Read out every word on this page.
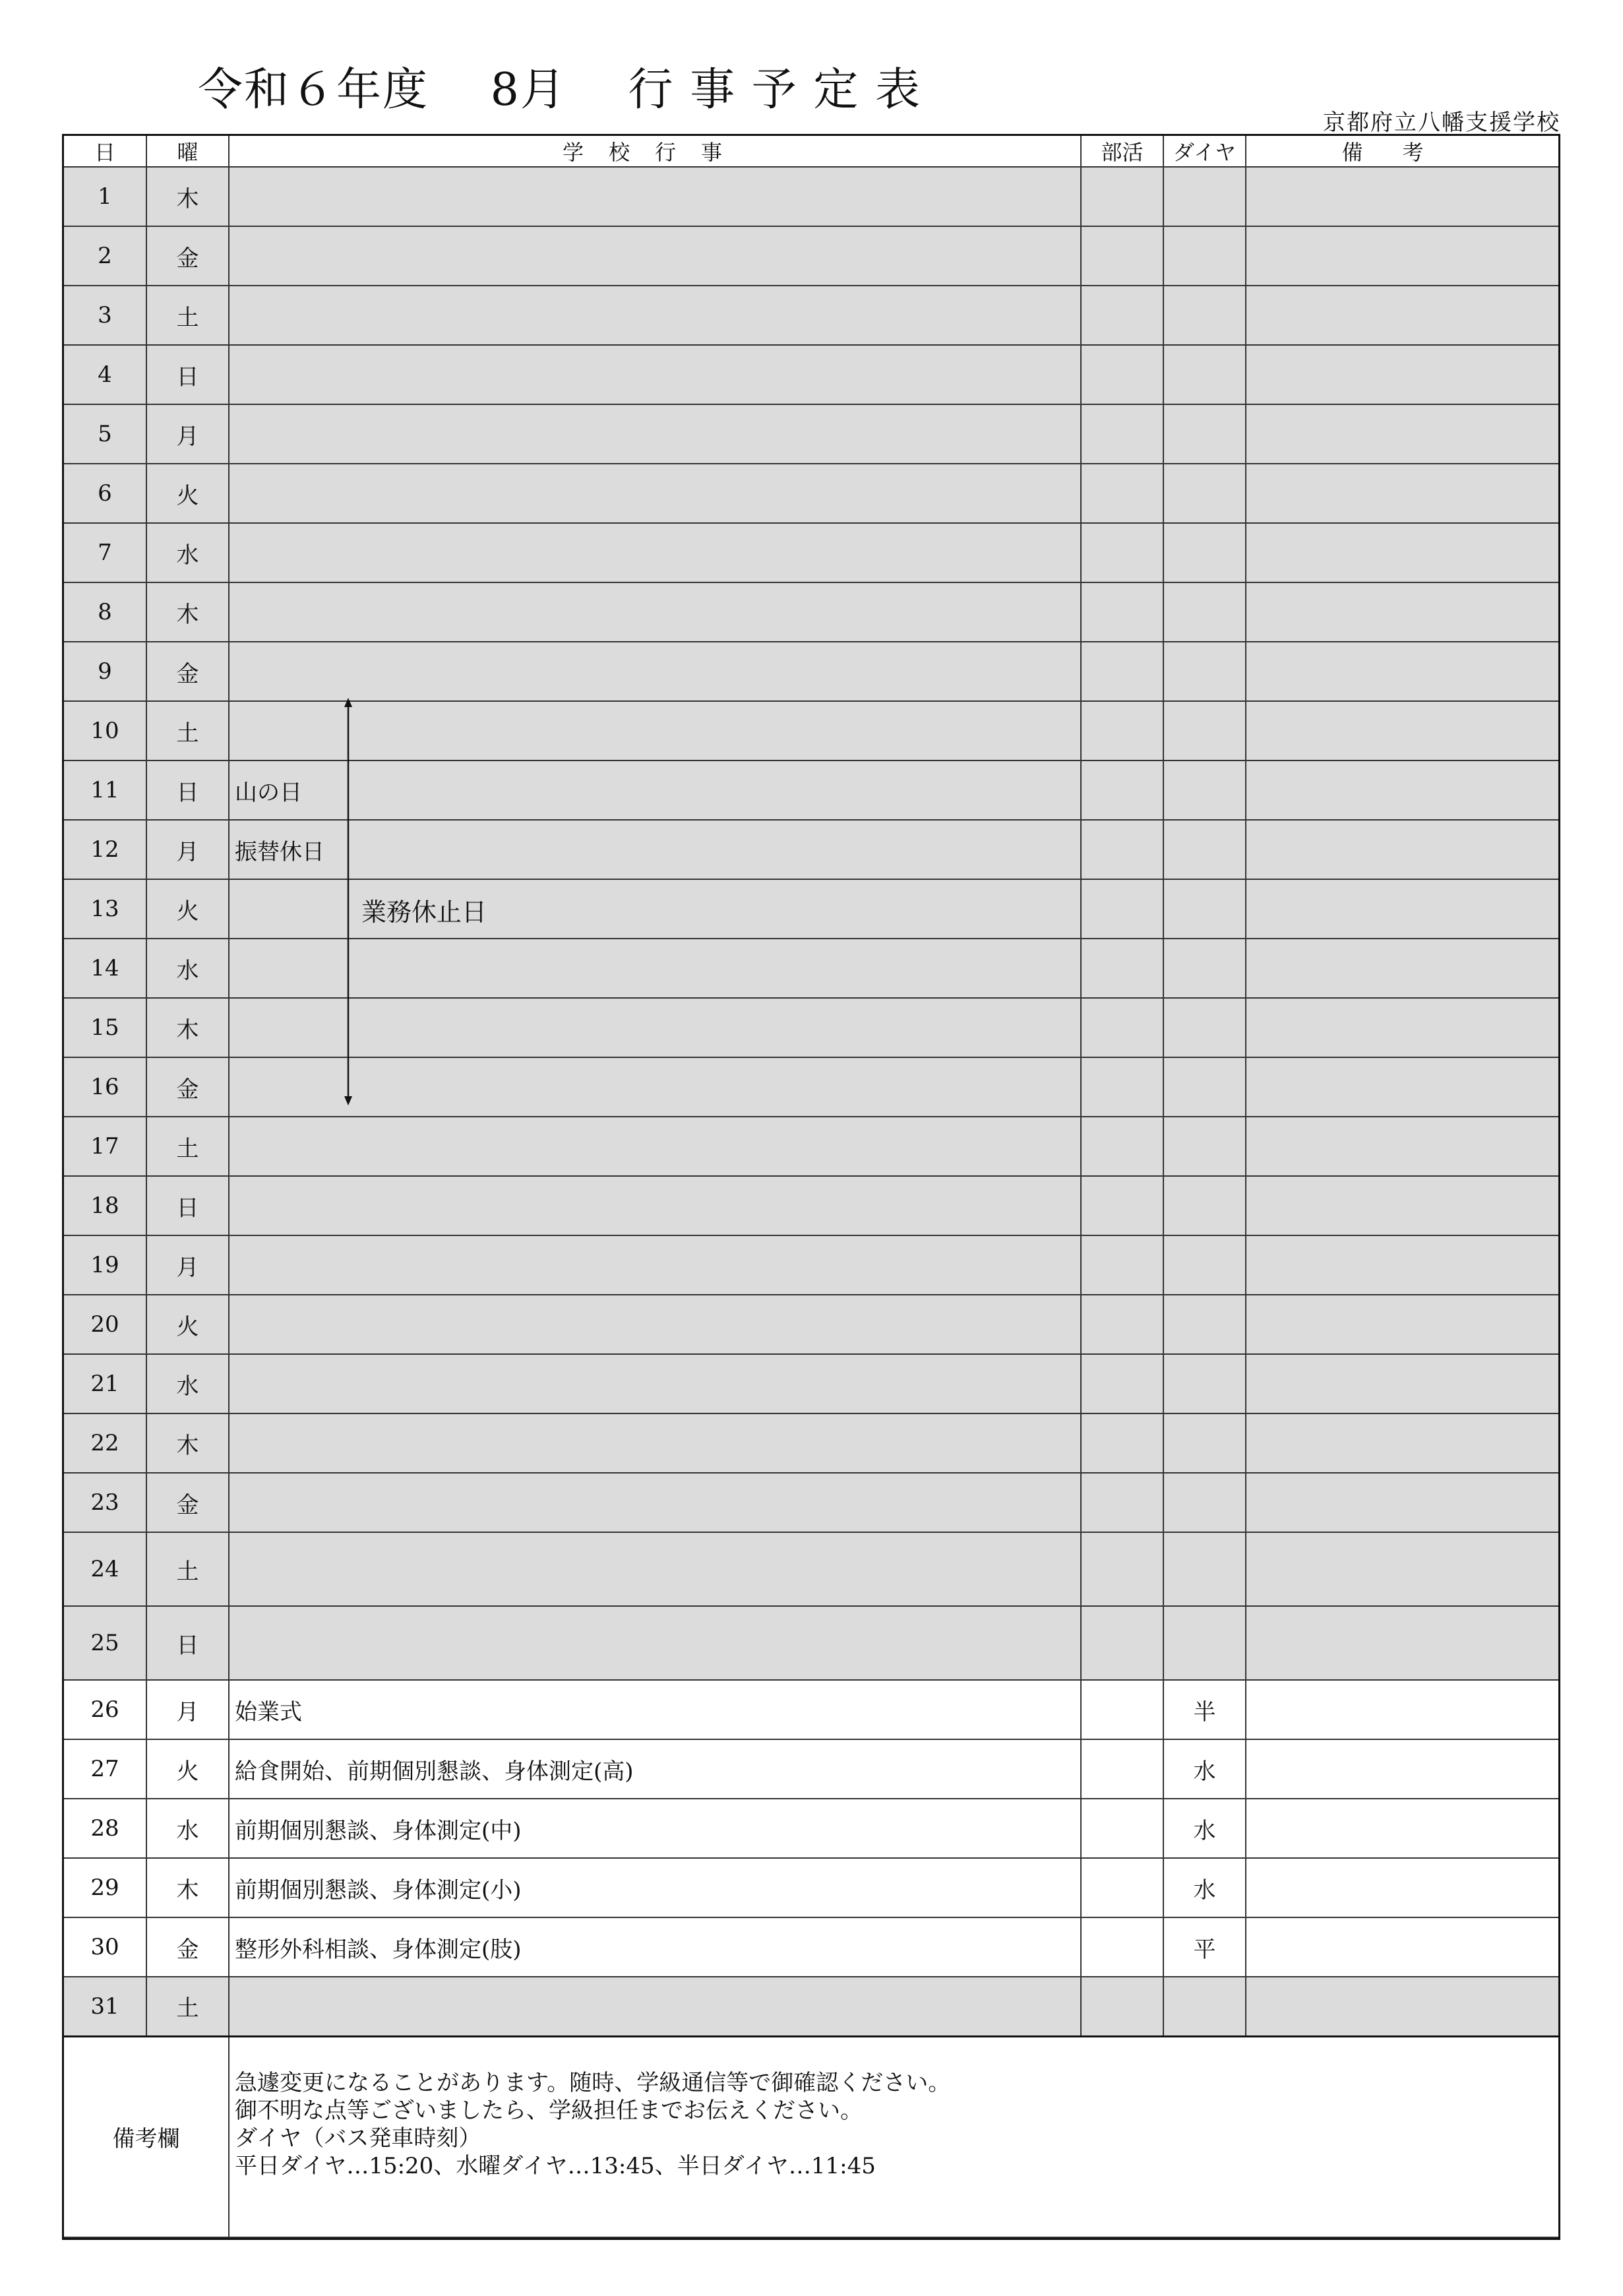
令和６年度　 8月　 行 事 予 定 表
京都府立八幡支援学校
日	曜	学校行事	部活	ダイヤ	備考
1	木				
2	金				
3	土				
4	日				
5	月				
6	火				
7	水				
8	木				
9	金				
10	土				
11	日	山の日			
12	月	振替休日			
13	火				
14	水				
15	木				
16	金				
17	土				
18	日				
19	月				
20	火				
21	水				
22	木				
23	金				
24	土				
25	日				
26	月	始業式		半	
27	火	給食開始、前期個別懇談、身体測定(高)		水	
28	水	前期個別懇談、身体測定(中)		水	
29	木	前期個別懇談、身体測定(小)		水	
30	金	整形外科相談、身体測定(肢)		平	
31	土				
備考欄	
急遽変更になることがあります。随時、学級通信等で御確認ください。
御不明な点等ございましたら、学級担任までお伝えください。
ダイヤ（バス発車時刻）
平日ダイヤ…15:20、水曜ダイヤ…13:45、半日ダイヤ…11:45
業務休止日
